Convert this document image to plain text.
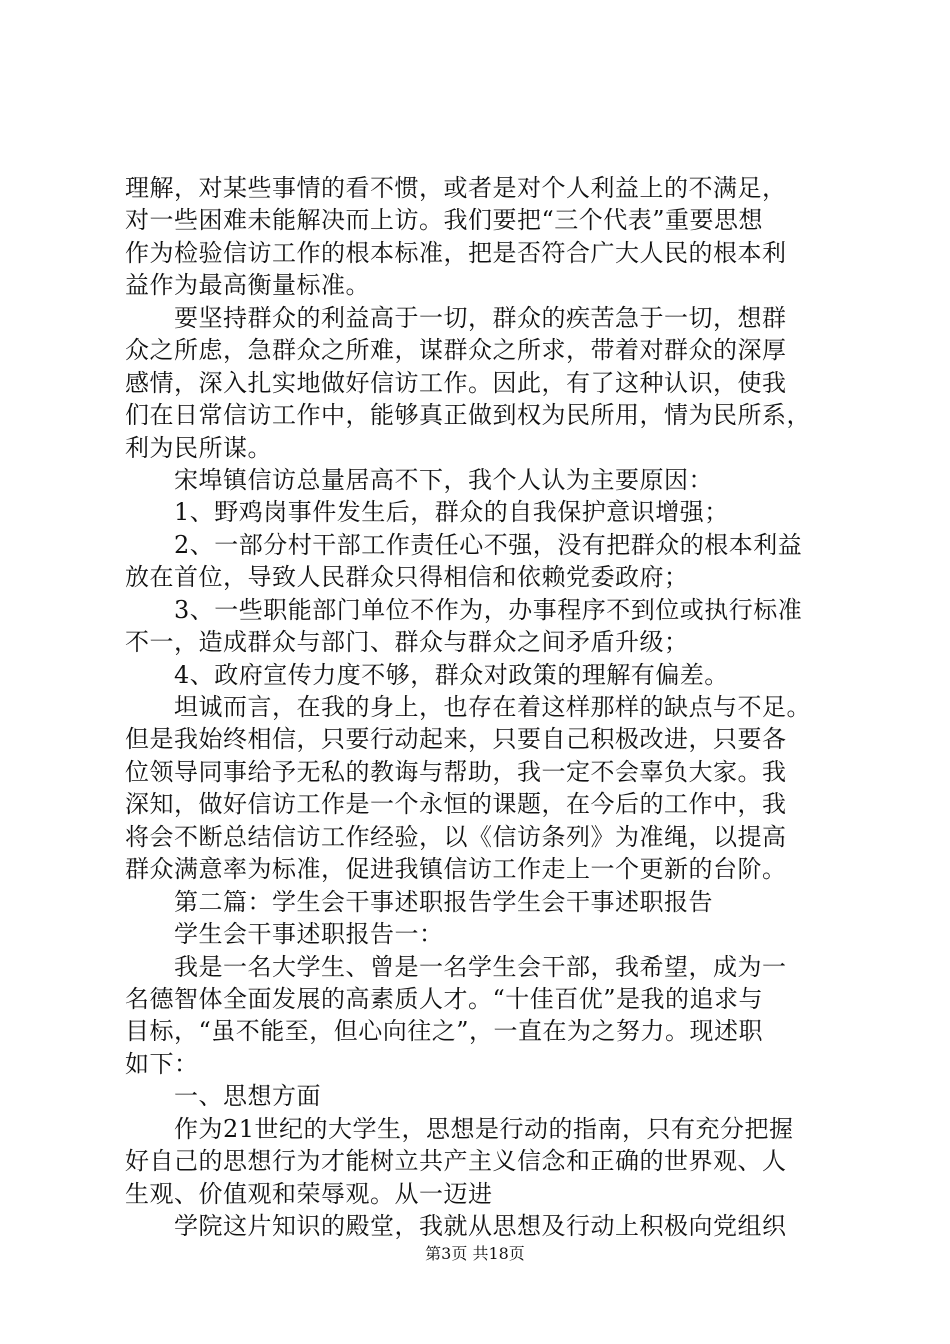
理解，对某些事情的看不惯，或者是对个人利益上的不满足，
对一些困难未能解决而上访。我们要把“三个代表”重要思想
作为检验信访工作的根本标准，把是否符合广大人民的根本利
益作为最高衡量标准。
　　要坚持群众的利益高于一切，群众的疾苦急于一切，想群
众之所虑，急群众之所难，谋群众之所求，带着对群众的深厚
感情，深入扎实地做好信访工作。因此，有了这种认识，使我
们在日常信访工作中，能够真正做到权为民所用，情为民所系，
利为民所谋。
　　宋埠镇信访总量居高不下，我个人认为主要原因：
　　1、野鸡岗事件发生后，群众的自我保护意识增强；
　　2、一部分村干部工作责任心不强，没有把群众的根本利益
放在首位，导致人民群众只得相信和依赖党委政府；
　　3、一些职能部门单位不作为，办事程序不到位或执行标准
不一，造成群众与部门、群众与群众之间矛盾升级；
　　4、政府宣传力度不够，群众对政策的理解有偏差。
　　坦诚而言，在我的身上，也存在着这样那样的缺点与不足。
但是我始终相信，只要行动起来，只要自己积极改进，只要各
位领导同事给予无私的教诲与帮助，我一定不会辜负大家。我
深知，做好信访工作是一个永恒的课题，在今后的工作中，我
将会不断总结信访工作经验，以《信访条列》为准绳，以提高
群众满意率为标准，促进我镇信访工作走上一个更新的台阶。
　　第二篇：学生会干事述职报告学生会干事述职报告
　　学生会干事述职报告一：
　　我是一名大学生、曾是一名学生会干部，我希望，成为一
名德智体全面发展的高素质人才。“十佳百优”是我的追求与
目标，“虽不能至，但心向往之”，一直在为之努力。现述职
如下：
　　一、思想方面
　　作为21世纪的大学生，思想是行动的指南，只有充分把握
好自己的思想行为才能树立共产主义信念和正确的世界观、人
生观、价值观和荣辱观。从一迈进
　　学院这片知识的殿堂，我就从思想及行动上积极向党组织
第3页 共18页
